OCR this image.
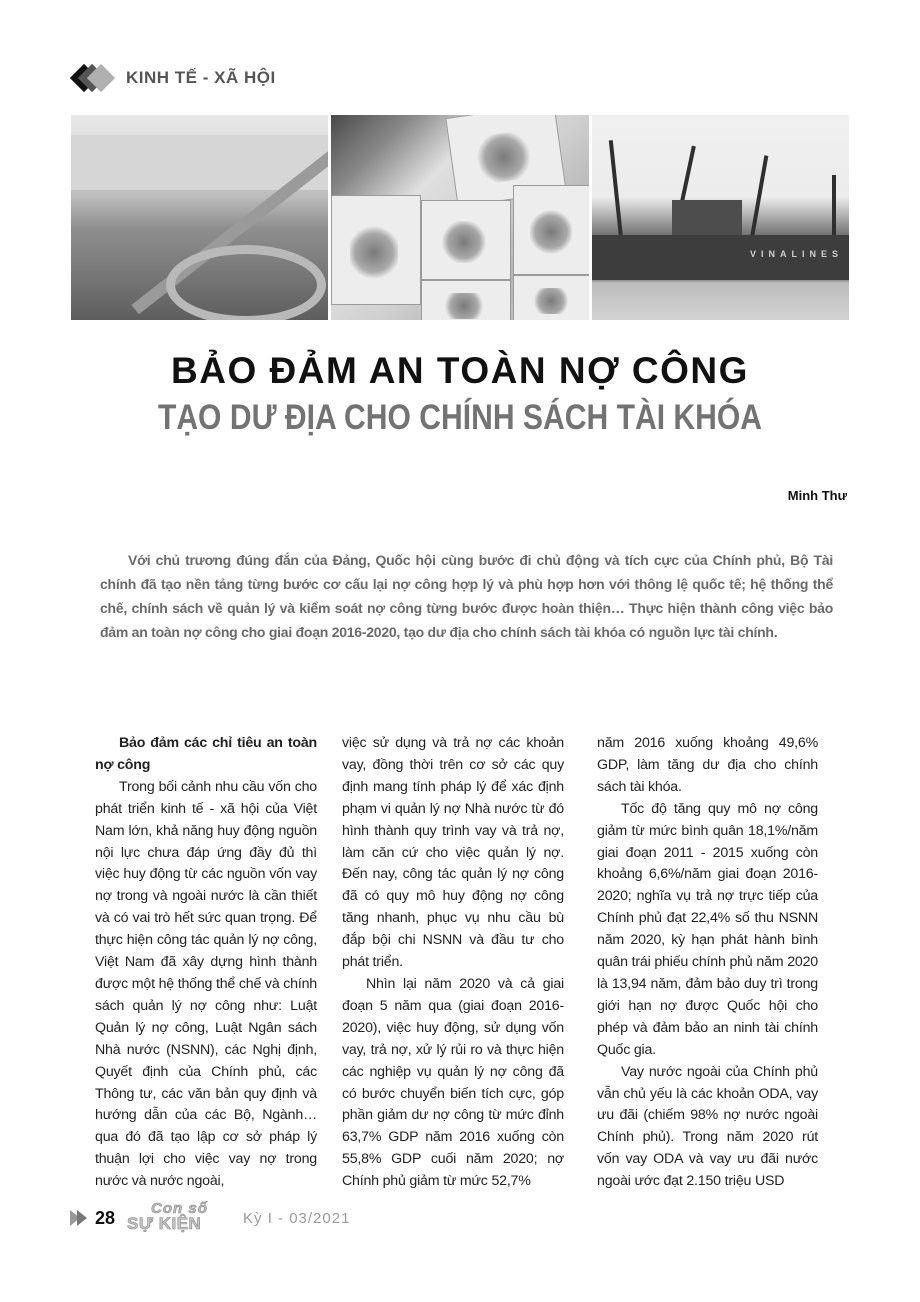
KINH TẾ - XÃ HỘI
VINALINES
BẢO ĐẢM AN TOÀN NỢ CÔNG
TẠO DƯ ĐỊA CHO CHÍNH SÁCH TÀI KHÓA
Minh Thư

Với chủ trương đúng đắn của Đảng, Quốc hội cùng bước đi chủ động và tích cực của Chính phủ, Bộ Tài chính đã tạo nền tảng từng bước cơ cấu lại nợ công hợp lý và phù hợp hơn với thông lệ quốc tế; hệ thống thể chế, chính sách về quản lý và kiểm soát nợ công từng bước được hoàn thiện… Thực hiện thành công việc bảo đảm an toàn nợ công cho giai đoạn 2016-2020, tạo dư địa cho chính sách tài khóa có nguồn lực tài chính.

Bảo đảm các chỉ tiêu an toàn nợ công

Trong bối cảnh nhu cầu vốn cho phát triển kinh tế - xã hội của Việt Nam lớn, khả năng huy động nguồn nội lực chưa đáp ứng đầy đủ thì việc huy động từ các nguồn vốn vay nợ trong và ngoài nước là cần thiết và có vai trò hết sức quan trọng. Để thực hiện công tác quản lý nợ công, Việt Nam đã xây dựng hình thành được một hệ thống thể chế và chính sách quản lý nợ công như: Luật Quản lý nợ công, Luật Ngân sách Nhà nước (NSNN), các Nghị định, Quyết định của Chính phủ, các Thông tư, các văn bản quy định và hướng dẫn của các Bộ, Ngành… qua đó đã tạo lập cơ sở pháp lý thuận lợi cho việc vay nợ trong nước và nước ngoài,

việc sử dụng và trả nợ các khoản vay, đồng thời trên cơ sở các quy định mang tính pháp lý để xác định phạm vi quản lý nợ Nhà nước từ đó hình thành quy trình vay và trả nợ, làm căn cứ cho việc quản lý nợ. Đến nay, công tác quản lý nợ công đã có quy mô huy động nợ công tăng nhanh, phục vụ nhu cầu bù đắp bội chi NSNN và đầu tư cho phát triển.

Nhìn lại năm 2020 và cả giai đoạn 5 năm qua (giai đoạn 2016-2020), việc huy động, sử dụng vốn vay, trả nợ, xử lý rủi ro và thực hiện các nghiệp vụ quản lý nợ công đã có bước chuyển biến tích cực, góp phần giảm dư nợ công từ mức đỉnh 63,7% GDP năm 2016 xuống còn 55,8% GDP cuối năm 2020; nợ Chính phủ giảm từ mức 52,7%

năm 2016 xuống khoảng 49,6% GDP, làm tăng dư địa cho chính sách tài khóa.

Tốc độ tăng quy mô nợ công giảm từ mức bình quân 18,1%/năm giai đoạn 2011 - 2015 xuống còn khoảng 6,6%/năm giai đoạn 2016-2020; nghĩa vụ trả nợ trực tiếp của Chính phủ đạt 22,4% số thu NSNN năm 2020, kỳ hạn phát hành bình quân trái phiếu chính phủ năm 2020 là 13,94 năm, đảm bảo duy trì trong giới hạn nợ được Quốc hội cho phép và đảm bảo an ninh tài chính Quốc gia.

Vay nước ngoài của Chính phủ vẫn chủ yếu là các khoản ODA, vay ưu đãi (chiếm 98% nợ nước ngoài Chính phủ). Trong năm 2020 rút vốn vay ODA và vay ưu đãi nước ngoài ước đạt 2.150 triệu USD

28 Con số
SỰ KIỆN	Kỳ I - 03/2021
